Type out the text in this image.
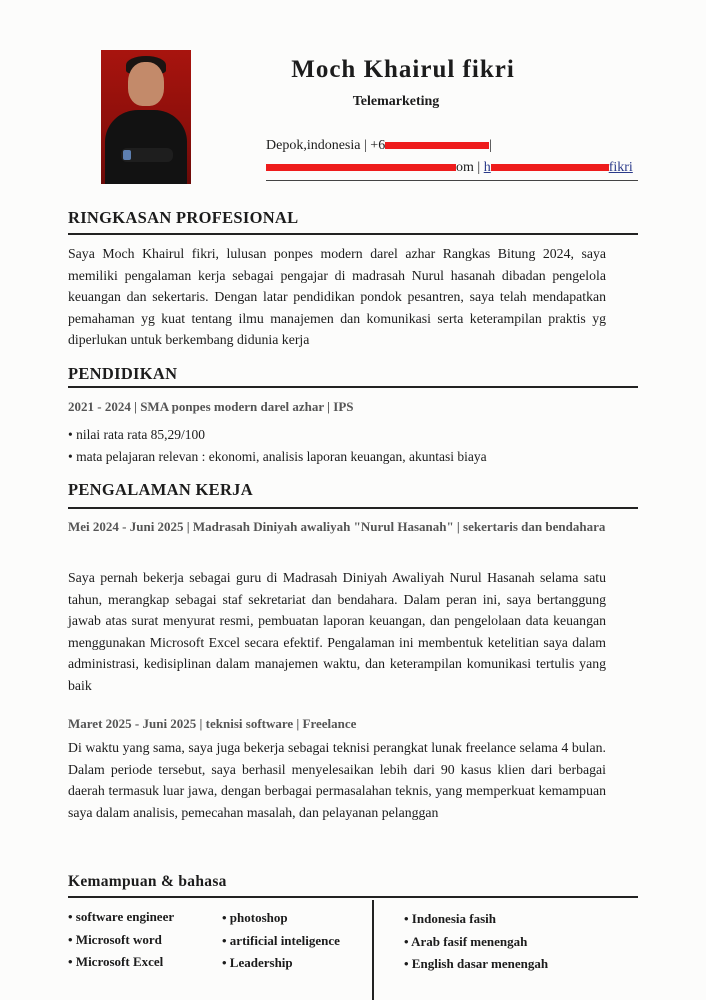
Moch Khairul fikri
Telemarketing
Depok,indonesia | +6	|
om | h	fikri
RINGKASAN PROFESIONAL
Saya Moch Khairul fikri, lulusan ponpes modern darel azhar Rangkas Bitung 2024, saya memiliki pengalaman kerja sebagai pengajar di madrasah Nurul hasanah dibadan pengelola keuangan dan sekertaris. Dengan latar pendidikan pondok pesantren, saya telah mendapatkan pemahaman yg kuat tentang ilmu manajemen dan komunikasi serta keterampilan praktis yg diperlukan untuk berkembang didunia kerja
PENDIDIKAN
2021 - 2024 | SMA ponpes modern darel azhar | IPS
• nilai rata rata 85,29/100
• mata pelajaran relevan : ekonomi, analisis laporan keuangan, akuntasi biaya
PENGALAMAN KERJA
Mei 2024 - Juni 2025 | Madrasah Diniyah awaliyah "Nurul Hasanah" | sekertaris dan bendahara
Saya pernah bekerja sebagai guru di Madrasah Diniyah Awaliyah Nurul Hasanah selama satu tahun, merangkap sebagai staf sekretariat dan bendahara. Dalam peran ini, saya bertanggung jawab atas surat menyurat resmi, pembuatan laporan keuangan, dan pengelolaan data keuangan menggunakan Microsoft Excel secara efektif. Pengalaman ini membentuk ketelitian saya dalam administrasi, kedisiplinan dalam manajemen waktu, dan keterampilan komunikasi tertulis yang baik
Maret 2025 - Juni 2025 | teknisi software | Freelance
Di waktu yang sama, saya juga bekerja sebagai teknisi perangkat lunak freelance selama 4 bulan. Dalam periode tersebut, saya berhasil menyelesaikan lebih dari 90 kasus klien dari berbagai daerah termasuk luar jawa, dengan berbagai permasalahan teknis, yang memperkuat kemampuan saya dalam analisis, pemecahan masalah, dan pelayanan pelanggan
Kemampuan & bahasa
• software engineer
• Microsoft word
• Microsoft Excel
• photoshop
• artificial inteligence
• Leadership
• Indonesia fasih
• Arab fasif menengah
• English dasar menengah
